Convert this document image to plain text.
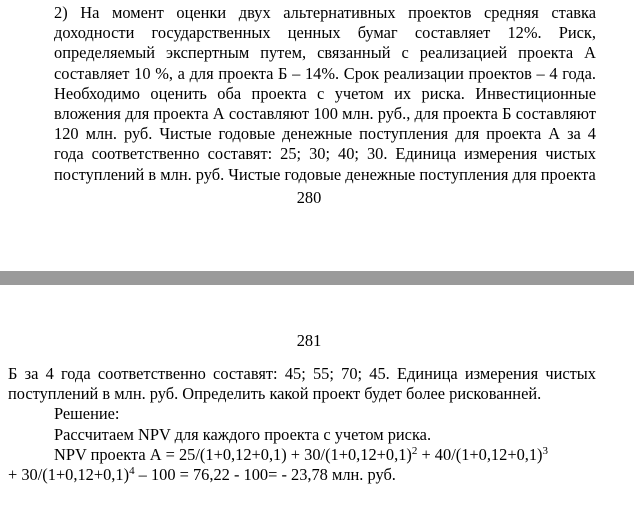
2) На момент оценки двух альтернативных проектов средняя ставка доходности государственных ценных бумаг составляет 12%. Риск, определяемый экспертным путем, связанный с реализацией проекта А составляет 10 %, а для проекта Б – 14%. Срок реализации проектов – 4 года. Необходимо оценить оба проекта с учетом их риска. Инвестиционные вложения для проекта А составляют 100 млн. руб., для проекта Б составляют 120 млн. руб. Чистые годовые денежные поступления для проекта А за 4 года соответственно составят: 25; 30; 40; 30. Единица измерения чистых поступлений в млн. руб. Чистые годовые денежные поступления для проекта

280
281

Б за 4 года соответственно составят: 45; 55; 70; 45. Единица измерения чистых поступлений в млн. руб. Определить какой проект будет более рискованней.

Решение:

Рассчитаем NPV для каждого проекта с учетом риска.

NPV проекта $А = 25/(1+0,12+0,1) + 30/(1+0,12+0,1)^2 + 40/(1+0,12+0,1)^3$

+ $30/(1+0,12+0,1)^4 - 100 = 76,22 - 100= - 23,78$ млн. руб.
